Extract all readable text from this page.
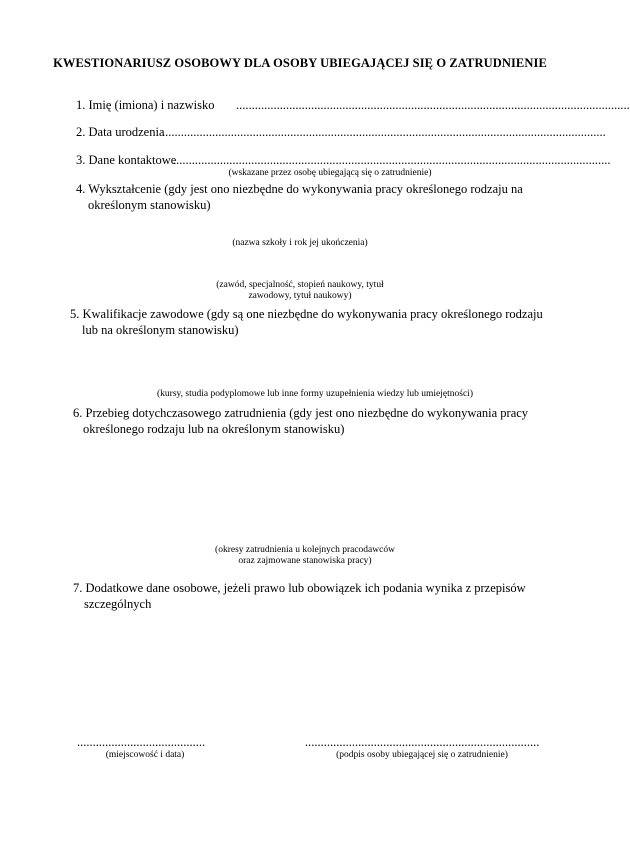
KWESTIONARIUSZ OSOBOWY DLA OSOBY UBIEGAJĄCEJ SIĘ O ZATRUDNIENIE
1. Imię (imiona) i nazwisko ..............................................................................................................................
2. Data urodzenia
..............................................................................................................................................
3. Dane kontaktowe
............................................................................................................................................
(wskazane przez osobę ubiegającą się o zatrudnienie)
4. Wykształcenie (gdy jest ono niezbędne do wykonywania pracy określonego rodzaju na
określonym stanowisku)
(nazwa szkoły i rok jej ukończenia)
(zawód, specjalność, stopień naukowy, tytuł
zawodowy, tytuł naukowy)
5. Kwalifikacje zawodowe (gdy są one niezbędne do wykonywania pracy określonego rodzaju
lub na określonym stanowisku)
(kursy, studia podyplomowe lub inne formy uzupełnienia wiedzy lub umiejętności)
6. Przebieg dotychczasowego zatrudnienia (gdy jest ono niezbędne do wykonywania pracy
określonego rodzaju lub na określonym stanowisku)
(okresy zatrudnienia u kolejnych pracodawców
oraz zajmowane stanowiska pracy)
7. Dodatkowe dane osobowe, jeżeli prawo lub obowiązek ich podania wynika z przepisów
szczególnych
.........................................
(miejscowość i data)
...........................................................................
(podpis osoby ubiegającej się o zatrudnienie)
